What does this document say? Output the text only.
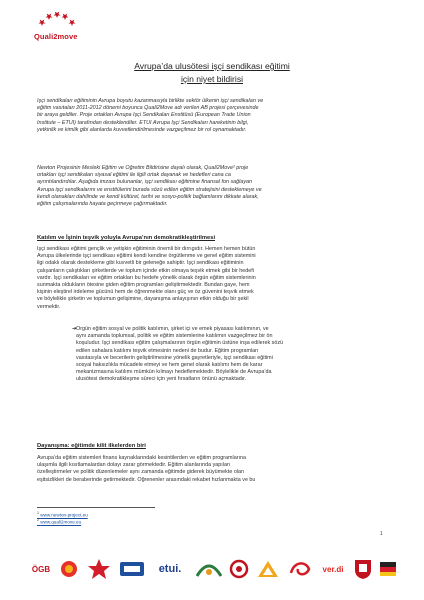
Quali2move
Avrupa’da ulusötesi işçi sendikası eğitimi
için niyet bildirisi
İşçi sendikaları eğitiminin Avrupa boyutu kazanmasıyla birlikte sektör ülkenin işçi sendikaları ve
eğitim vasıtaları 2011-2012 dönemi boyunca Quali2Move adı verilen AB projesi çerçevesinde
bir araya geldiler. Proje ortakları Avrupa İşçi Sendikaları Enstitüsü (European Trade Union
Institute – ETUI) tarafından desteklendiler. ETUI Avrupa İşçi Sendikaları hareketinin bilgi,
yetkinlik ve kimlik gibi alanlarda kuvvetlendirilmesinde vazgeçilmez bir rol oynamaktadır.
Newton Projesinin Mesleki Eğitim ve Öğretim Bildirisine dayalı olarak, Quali2Move² proje
ortakları işçi sendikaları siyasal eğitimi ile ilgili ortak dayanak ve hedefleri cana ca
ayrıntılandırdılar. Aşağıda imzası bulunanlar, işçi sendikası eğitimine finansal fon sağlayan
Avrupa işçi sendikalarını ve enstitülerini burada sözü edilen eğitim stratejisini desteklemeye ve
kendi olanakları dahilinde ve kendi kültürel, tarihi ve sosyo-politik bağlamlarını dikkate alarak,
eğitim çalışmalarında hayata geçirmeye çağırmaktadır.
Katılım ve İşinin teşvik yoluyla Avrupa’nın demokratikleştirilmesi
İşçi sendikası eğitimi gençlik ve yetişkin eğitiminin önemli bir dırrıgıdır. Hemen hemen bütün
Avrupa ülkelerinde işçi sendikası eğitimi kendi kendine örgütlenme ve genel eğitim sistemini
ilgi odaklı olarak destekleme gibi kuvvetli bir geleneğe sahiptir. İşçi sendikası eğitiminin
çalışanların çalıştıkları şirketlerde ve toplum içinde etkin olmaya teşvik etmek gibi bir hedefi
vardır. İşçi sendikaları ve eğitim ortakları bu hedefe yönelik olarak örgün eğitim sistemlerinin
sunmakta oldukların ötesine giden eğitim programları geliştirmektedir. Bundan gaye, hem
kişinin eleştirel irdeleme gücünü hem de öğrenmekte olanı güç ve öz güvenini teşvik etmek
ve böylelikle şirketin ve toplumun gelişimine, dayanışma anlayışının etkin olduğu bir şekil
vermektir.
➔ Örgün eğitim sosyal ve politik katılımın, şirket içi ve emek piyasası katılımının, ve
aynı zamanda toplumsal, politik ve eğitim sistemlerine katılımın vazgeçilmez bir ön
koşuludur. İşçi sendikası eğitim çalışmalarının örgün eğitimin üstüne inşa edilerek sözü
edilen sahalara katılımı teşvik etmesinin nedeni de budur. Eğitim programları
vasıtasıyla ve becerilerin geliştirilmesine yönelik gayretleriyle, işçi sendikası eğitimi
sosyal haksızlıkla mücadele etmeyi ve hem genel olarak katılımı hem de karar
mekanizmasına katılımı mümkün kılmayı hedeflemektedir. Böylelikle de Avrupa’da
ulusötesi demokratikleşme süreci için yeni fırsatların önünü açmaktadır.
Dayanışma: eğitimde kilit ilkelerden biri
Avrupa’da eğitim sistemleri finans kaynaklarındaki kesintilerden ve eğitim programlarına
ulaşımla ilgili kısıtlamalardan dolayı zarar görmektedir. Eğitim alanlarında yapılan
özelleştirmeler ve politik düzenlemeler aynı zamanda eğitimde giderek büyümekte olan
eşitsizlikleri de beraberinde getirmektedir. Öğrenenler arasındaki rekabet hızlanmakta ve bu
$^1$ www.newton-project.eu
$^2$ www.quali2move.eu
1
ÖGB	etui.	ver.di
